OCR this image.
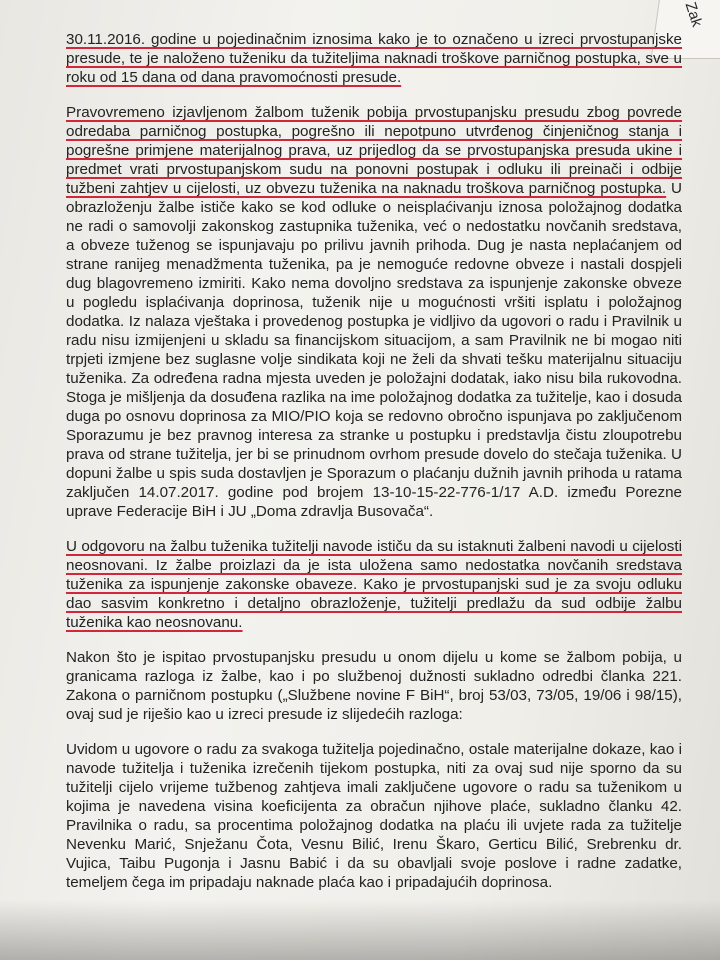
Zak

30.11.2016. godine u pojedinačnim iznosima kako je to označeno u izreci prvostupanjske presude, te je naloženo tuženiku da tužiteljima naknadi troškove parničnog postupka, sve u roku od 15 dana od dana pravomoćnosti presude.

Pravovremeno izjavljenom žalbom tuženik pobija prvostupanjsku presudu zbog povrede odredaba parničnog postupka, pogrešno ili nepotpuno utvrđenog činjeničnog stanja i pogrešne primjene materijalnog prava, uz prijedlog da se prvostupanjska presuda ukine i predmet vrati prvostupanjskom sudu na ponovni postupak i odluku ili preinači i odbije tužbeni zahtjev u cijelosti, uz obvezu tuženika na naknadu troškova parničnog postupka. U obrazloženju žalbe ističe kako se kod odluke o neisplaćivanju iznosa položajnog dodatka ne radi o samovolji zakonskog zastupnika tuženika, već o nedostatku novčanih sredstava, a obveze tuženog se ispunjavaju po prilivu javnih prihoda. Dug je nasta neplaćanjem od strane ranijeg menadžmenta tuženika, pa je nemoguće redovne obveze i nastali dospjeli dug blagovremeno izmiriti. Kako nema dovoljno sredstava za ispunjenje zakonske obveze u pogledu isplaćivanja doprinosa, tuženik nije u mogućnosti vršiti isplatu i položajnog dodatka. Iz nalaza vještaka i provedenog postupka je vidljivo da ugovori o radu i Pravilnik u radu nisu izmijenjeni u skladu sa financijskom situacijom, a sam Pravilnik ne bi mogao niti trpjeti izmjene bez suglasne volje sindikata koji ne želi da shvati tešku materijalnu situaciju tuženika. Za određena radna mjesta uveden je položajni dodatak, iako nisu bila rukovodna. Stoga je mišljenja da dosuđena razlika na ime položajnog dodatka za tužitelje, kao i dosuda duga po osnovu doprinosa za MIO/PIO koja se redovno obročno ispunjava po zaključenom Sporazumu je bez pravnog interesa za stranke u postupku i predstavlja čistu zloupotrebu prava od strane tužitelja, jer bi se prinudnom ovrhom presude dovelo do stečaja tuženika. U dopuni žalbe u spis suda dostavljen je Sporazum o plaćanju dužnih javnih prihoda u ratama zaključen 14.07.2017. godine pod brojem 13-10-15-22-776-1/17 A.D. između Porezne uprave Federacije BiH i JU „Doma zdravlja Busovača“.

U odgovoru na žalbu tuženika tužitelji navode ističu da su istaknuti žalbeni navodi u cijelosti neosnovani. Iz žalbe proizlazi da je ista uložena samo nedostatka novčanih sredstava tuženika za ispunjenje zakonske obaveze. Kako je prvostupanjski sud je za svoju odluku dao sasvim konkretno i detaljno obrazloženje, tužitelji predlažu da sud odbije žalbu tuženika kao neosnovanu.

Nakon što je ispitao prvostupanjsku presudu u onom dijelu u kome se žalbom pobija, u granicama razloga iz žalbe, kao i po službenoj dužnosti sukladno odredbi članka 221. Zakona o parničnom postupku („Službene novine F BiH“, broj 53/03, 73/05, 19/06 i 98/15), ovaj sud je riješio kao u izreci presude iz slijedećih razloga:

Uvidom u ugovore o radu za svakoga tužitelja pojedinačno, ostale materijalne dokaze, kao i navode tužitelja i tuženika izrečenih tijekom postupka, niti za ovaj sud nije sporno da su tužitelji cijelo vrijeme tužbenog zahtjeva imali zaključene ugovore o radu sa tuženikom u kojima je navedena visina koeficijenta za obračun njihove plaće, sukladno članku 42. Pravilnika o radu, sa procentima položajnog dodatka na plaću ili uvjete rada za tužitelje Nevenku Marić, Snježanu Čota, Vesnu Bilić, Irenu Škaro, Gerticu Bilić, Srebrenku dr. Vujica, Taibu Pugonja i Jasnu Babić i da su obavljali svoje poslove i radne zadatke, temeljem čega im pripadaju naknade plaća kao i pripadajućih doprinosa.
